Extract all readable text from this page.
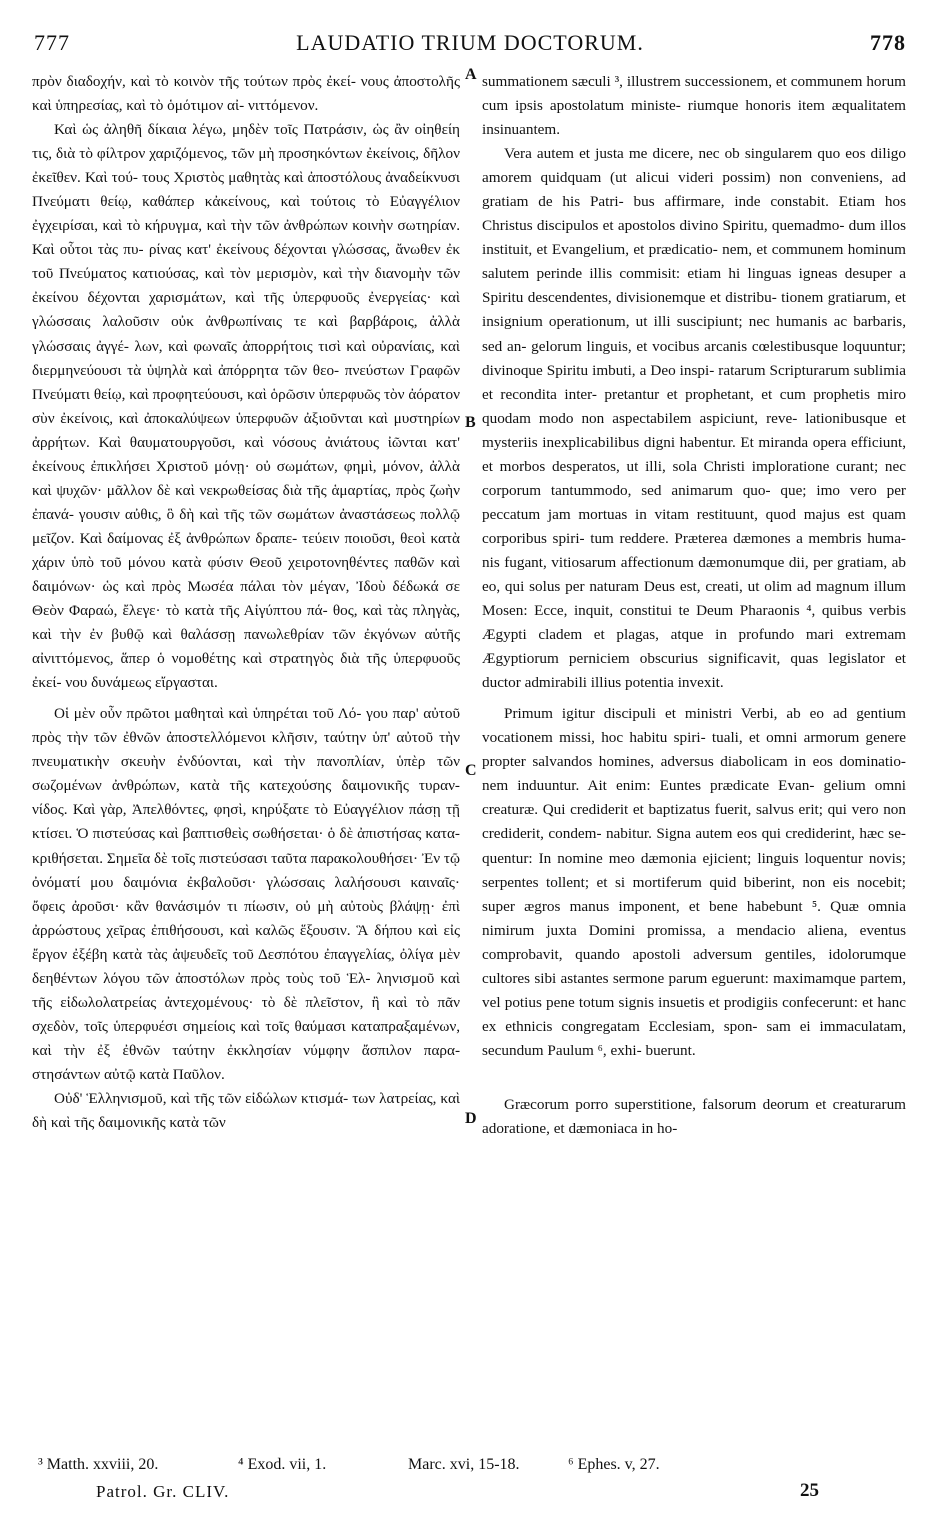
777	LAUDATIO TRIUM DOCTORUM.	778

πρὸν διαδοχήν, καὶ τὸ κοινὸν τῆς τούτων πρὸς ἐκεί- νους ἀποστολῆς καὶ ὑπηρεσίας, καὶ τὸ ὁμότιμον αἰ- νιττόμενον.

Καὶ ὡς ἀληθῆ δίκαια λέγω, μηδὲν τοῖς Πατράσιν, ὡς ἂν οἰηθείη τις, διὰ τὸ φίλτρον χαριζόμενος, τῶν μὴ προσηκόντων ἐκείνοις, δῆλον ἐκεῖθεν. Καὶ τού- τους Χριστὸς μαθητὰς καὶ ἀποστόλους ἀναδείκνυσι Πνεύματι θείῳ, καθάπερ κἀκείνους, καὶ τούτοις τὸ Εὐαγγέλιον ἐγχειρίσαι, καὶ τὸ κήρυγμα, καὶ τὴν τῶν ἀνθρώπων κοινὴν σωτηρίαν. Καὶ οὗτοι τὰς πυ- ρίνας κατ' ἐκείνους δέχονται γλώσσας, ἄνωθεν ἐκ τοῦ Πνεύματος κατιούσας, καὶ τὸν μερισμὸν, καὶ τὴν διανομὴν τῶν ἐκείνου δέχονται χαρισμάτων, καὶ τῆς ὑπερφυοῦς ἐνεργείας· καὶ γλώσσαις λαλοῦσιν οὐκ ἀνθρωπίναις τε καὶ βαρβάροις, ἀλλὰ γλώσσαις ἀγγέ- λων, καὶ φωναῖς ἀπορρήτοις τισὶ καὶ οὐρανίαις, καὶ διερμηνεύουσι τὰ ὑψηλὰ καὶ ἀπόρρητα τῶν θεο- πνεύστων Γραφῶν Πνεύματι θείῳ, καὶ προφητεύουσι, καὶ ὁρῶσιν ὑπερφυῶς τὸν ἀόρατον σὺν ἐκείνοις, καὶ ἀποκαλύψεων ὑπερφυῶν ἀξιοῦνται καὶ μυστηρίων ἀρρήτων. Καὶ θαυματουργοῦσι, καὶ νόσους ἀνιάτους ἰῶνται κατ' ἐκείνους ἐπικλήσει Χριστοῦ μόνῃ· οὐ σωμάτων, φημὶ, μόνον, ἀλλὰ καὶ ψυχῶν· μᾶλλον δὲ καὶ νεκρωθείσας διὰ τῆς ἁμαρτίας, πρὸς ζωὴν ἐπανά- γουσιν αὐθις, ὃ δὴ καὶ τῆς τῶν σωμάτων ἀναστάσεως πολλῷ μεῖζον. Καὶ δαίμονας ἐξ ἀνθρώπων δραπε- τεύειν ποιοῦσι, θεοὶ κατὰ χάριν ὑπὸ τοῦ μόνου κατὰ φύσιν Θεοῦ χειροτονηθέντες παθῶν καὶ δαιμόνων· ὡς καὶ πρὸς Μωσέα πάλαι τὸν μέγαν, Ἰδοὺ δέδωκά σε Θεὸν Φαραώ, ἔλεγε· τὸ κατὰ τῆς Αἰγύπτου πά- θος, καὶ τὰς πληγὰς, καὶ τὴν ἐν βυθῷ καὶ θαλάσσῃ πανωλεθρίαν τῶν ἐκγόνων αὐτῆς αἰνιττόμενος, ἅπερ ὁ νομοθέτης καὶ στρατηγὸς διὰ τῆς ὑπερφυοῦς ἐκεί- νου δυνάμεως εἴργασται.

Οἱ μὲν οὖν πρῶτοι μαθηταὶ καὶ ὑπηρέται τοῦ Λό- γου παρ' αὐτοῦ πρὸς τὴν τῶν ἐθνῶν ἀποστελλόμενοι κλῆσιν, ταύτην ὑπ' αὐτοῦ τὴν πνευματικὴν σκευὴν ἐνδύονται, καὶ τὴν πανοπλίαν, ὑπὲρ τῶν σωζομένων ἀνθρώπων, κατὰ τῆς κατεχούσης δαιμονικῆς τυραν- νίδος. Καὶ γὰρ, Ἀπελθόντες, φησὶ, κηρύξατε τὸ Εὐαγγέλιον πάσῃ τῇ κτίσει. Ὁ πιστεύσας καὶ βαπτισθεὶς σωθήσεται· ὁ δὲ ἀπιστήσας κατα- κριθήσεται. Σημεῖα δὲ τοῖς πιστεύσασι ταῦτα παρακολουθήσει· Ἐν τῷ ὀνόματί μου δαιμόνια ἐκβαλοῦσι· γλώσσαις λαλήσουσι καιναῖς· ὄφεις ἀροῦσι· κἂν θανάσιμόν τι πίωσιν, οὐ μὴ αὐτοὺς βλάψῃ· ἐπὶ ἀρρώστους χεῖρας ἐπιθήσουσι, καὶ καλῶς ἕξουσιν. Ἃ δήπου καὶ εἰς ἔργον ἐξέβη κατὰ τὰς ἀψευδεῖς τοῦ Δεσπότου ἐπαγγελίας, ὀλίγα μὲν δεηθέντων λόγου τῶν ἀποστόλων πρὸς τοὺς τοῦ Ἑλ- ληνισμοῦ καὶ τῆς εἰδωλολατρείας ἀντεχομένους· τὸ δὲ πλεῖστον, ἢ καὶ τὸ πᾶν σχεδὸν, τοῖς ὑπερφυέσι σημείοις καὶ τοῖς θαύμασι καταπραξαμένων, καὶ τὴν ἐξ ἐθνῶν ταύτην ἐκκλησίαν νύμφην ἄσπιλον παρα- στησάντων αὐτῷ κατὰ Παῦλον.

Οὐδ' Ἑλληνισμοῦ, καὶ τῆς τῶν εἰδώλων κτισμά- των λατρείας, καὶ δὴ καὶ τῆς δαιμονικῆς κατὰ τῶν

summationem sæculi ³, illustrem successionem, et communem horum cum ipsis apostolatum ministe- riumque honoris item æqualitatem insinuantem.

Vera autem et justa me dicere, nec ob singularem quo eos diligo amorem quidquam (ut alicui videri possim) non conveniens, ad gratiam de his Patri- bus affirmare, inde constabit. Etiam hos Christus discipulos et apostolos divino Spiritu, quemadmo- dum illos instituit, et Evangelium, et prædicatio- nem, et communem hominum salutem perinde illis commisit: etiam hi linguas igneas desuper a Spiritu descendentes, divisionemque et distribu- tionem gratiarum, et insignium operationum, ut illi suscipiunt; nec humanis ac barbaris, sed an- gelorum linguis, et vocibus arcanis cœlestibusque loquuntur; divinoque Spiritu imbuti, a Deo inspi- ratarum Scripturarum sublimia et recondita inter- pretantur et prophetant, et cum prophetis miro quodam modo non aspectabilem aspiciunt, reve- lationibusque et mysteriis inexplicabilibus digni habentur. Et miranda opera efficiunt, et morbos desperatos, ut illi, sola Christi imploratione curant; nec corporum tantummodo, sed animarum quo- que; imo vero per peccatum jam mortuas in vitam restituunt, quod majus est quam corporibus spiri- tum reddere. Præterea dæmones a membris huma- nis fugant, vitiosarum affectionum dæmonumque dii, per gratiam, ab eo, qui solus per naturam Deus est, creati, ut olim ad magnum illum Mosen: Ecce, inquit, constitui te Deum Pharaonis ⁴, quibus verbis Ægypti cladem et plagas, atque in profundo mari extremam Ægyptiorum perniciem obscurius significavit, quas legislator et ductor admirabili illius potentia invexit.

Primum igitur discipuli et ministri Verbi, ab eo ad gentium vocationem missi, hoc habitu spiri- tuali, et omni armorum genere propter salvandos homines, adversus diabolicam in eos dominatio- nem induuntur. Ait enim: Euntes prædicate Evan- gelium omni creaturæ. Qui crediderit et baptizatus fuerit, salvus erit; qui vero non crediderit, condem- nabitur. Signa autem eos qui crediderint, hæc se- quentur: In nomine meo dæmonia ejicient; linguis loquentur novis; serpentes tollent; et si mortiferum quid biberint, non eis nocebit; super ægros manus imponent, et bene habebunt ⁵. Quæ omnia nimirum juxta Domini promissa, a mendacio aliena, eventus comprobavit, quando apostoli adversum gentiles, idolorumque cultores sibi astantes sermone parum eguerunt: maximamque partem, vel potius pene totum signis insuetis et prodigiis confecerunt: et hanc ex ethnicis congregatam Ecclesiam, spon- sam ei immaculatam, secundum Paulum ⁶, exhi- buerunt.

Græcorum porro superstitione, falsorum deorum et creaturarum adoratione, et dæmoniaca in ho-

A
B
C
D
³ Matth. xxviii, 20.	⁴ Exod. vii, 1.	Marc. xvi, 15-18.	⁶ Ephes. v, 27.
Patrol. Gr. CLIV.	25
